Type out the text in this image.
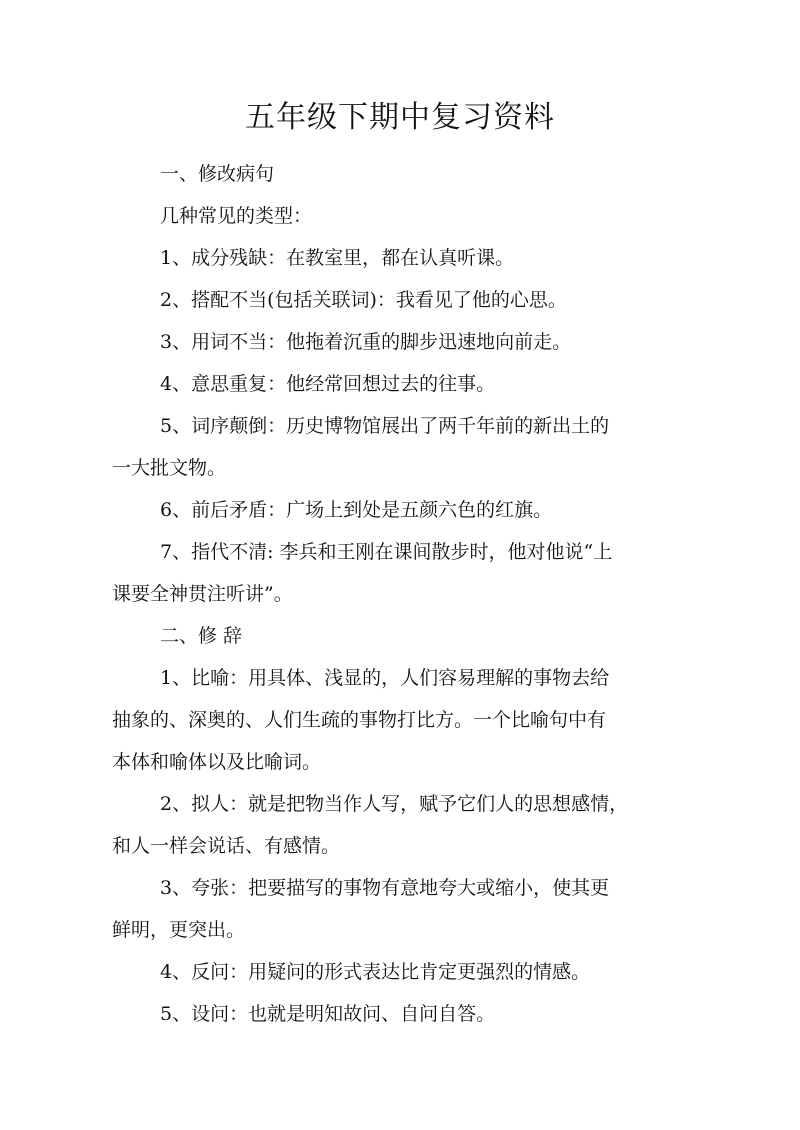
五年级下期中复习资料
一、修改病句
几种常见的类型：
1、成分残缺：在教室里，都在认真听课。
2、搭配不当(包括关联词)：我看见了他的心思。
3、用词不当：他拖着沉重的脚步迅速地向前走。
4、意思重复：他经常回想过去的往事。
5、词序颠倒：历史博物馆展出了两千年前的新出土的
一大批文物。
6、前后矛盾：广场上到处是五颜六色的红旗。
7、指代不清: 李兵和王刚在课间散步时，他对他说“上
课要全神贯注听讲”。
二、修 辞
1、比喻：用具体、浅显的，人们容易理解的事物去给
抽象的、深奥的、人们生疏的事物打比方。一个比喻句中有
本体和喻体以及比喻词。
2、拟人：就是把物当作人写，赋予它们人的思想感情，
和人一样会说话、有感情。
3、夸张：把要描写的事物有意地夸大或缩小，使其更
鲜明，更突出。
4、反问：用疑问的形式表达比肯定更强烈的情感。
5、设问：也就是明知故问、自问自答。
